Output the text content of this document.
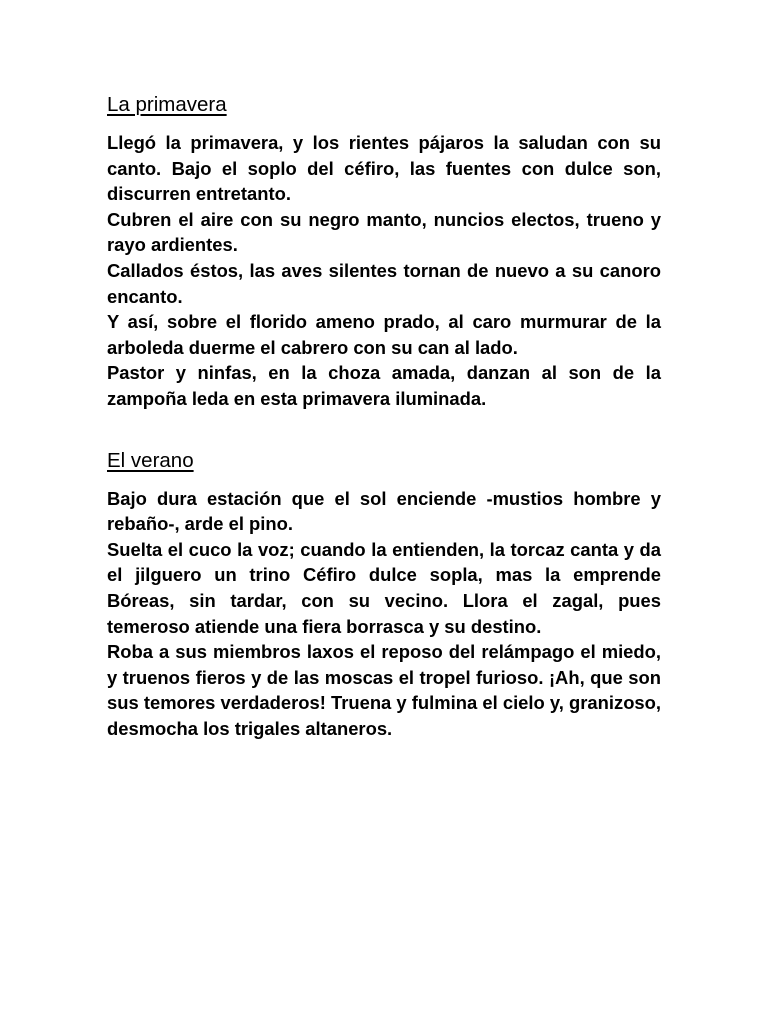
La primavera

Llegó la primavera, y los rientes pájaros la saludan con su canto. Bajo el soplo del céfiro, las fuentes con dulce son, discurren entretanto.

Cubren el aire con su negro manto, nuncios electos, trueno y rayo ardientes.

Callados éstos, las aves silentes tornan de nuevo a su canoro encanto.

Y así, sobre el florido ameno prado, al caro murmurar de la arboleda duerme el cabrero con su can al lado.

Pastor y ninfas, en la choza amada, danzan al son de la zampoña leda en esta primavera iluminada.

El verano

Bajo dura estación que el sol enciende -mustios hombre y rebaño-, arde el pino.

Suelta el cuco la voz; cuando la entienden, la torcaz canta y da el jilguero un trino Céfiro dulce sopla, mas la emprende Bóreas, sin tardar, con su vecino. Llora el zagal, pues temeroso atiende una fiera borrasca y su destino.

Roba a sus miembros laxos el reposo del relámpago el miedo, y truenos fieros y de las moscas el tropel furioso. ¡Ah, que son sus temores verdaderos! Truena y fulmina el cielo y, granizoso, desmocha los trigales altaneros.
